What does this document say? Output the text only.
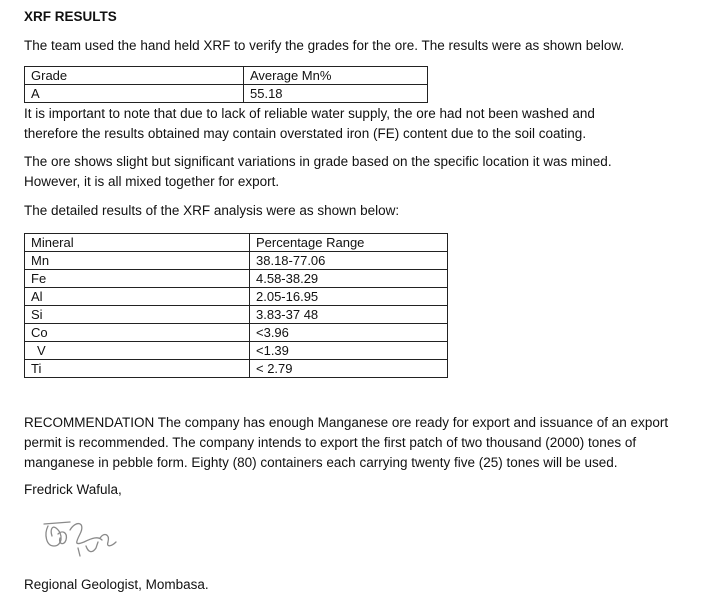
XRF RESULTS
The team used the hand held XRF to verify the grades for the ore. The results were as shown below.
Grade	Average Mn%
A	55.18
It is important to note that due to lack of reliable water supply, the ore had not been washed and
therefore the results obtained may contain overstated iron (FE) content due to the soil coating.
The ore shows slight but significant variations in grade based on the specific location it was mined.
However, it is all mixed together for export.
The detailed results of the XRF analysis were as shown below:
Mineral	Percentage Range
Mn	38.18-77.06
Fe	4.58-38.29
Al	2.05-16.95
Si	3.83-37 48
Co	<3.96
V	<1.39
Ti	< 2.79
RECOMMENDATION The company has enough Manganese ore ready for export and issuance of an export
permit is recommended. The company intends to export the first patch of two thousand (2000) tones of
manganese in pebble form. Eighty (80) containers each carrying twenty five (25) tones will be used.
Fredrick Wafula,
Regional Geologist, Mombasa.
